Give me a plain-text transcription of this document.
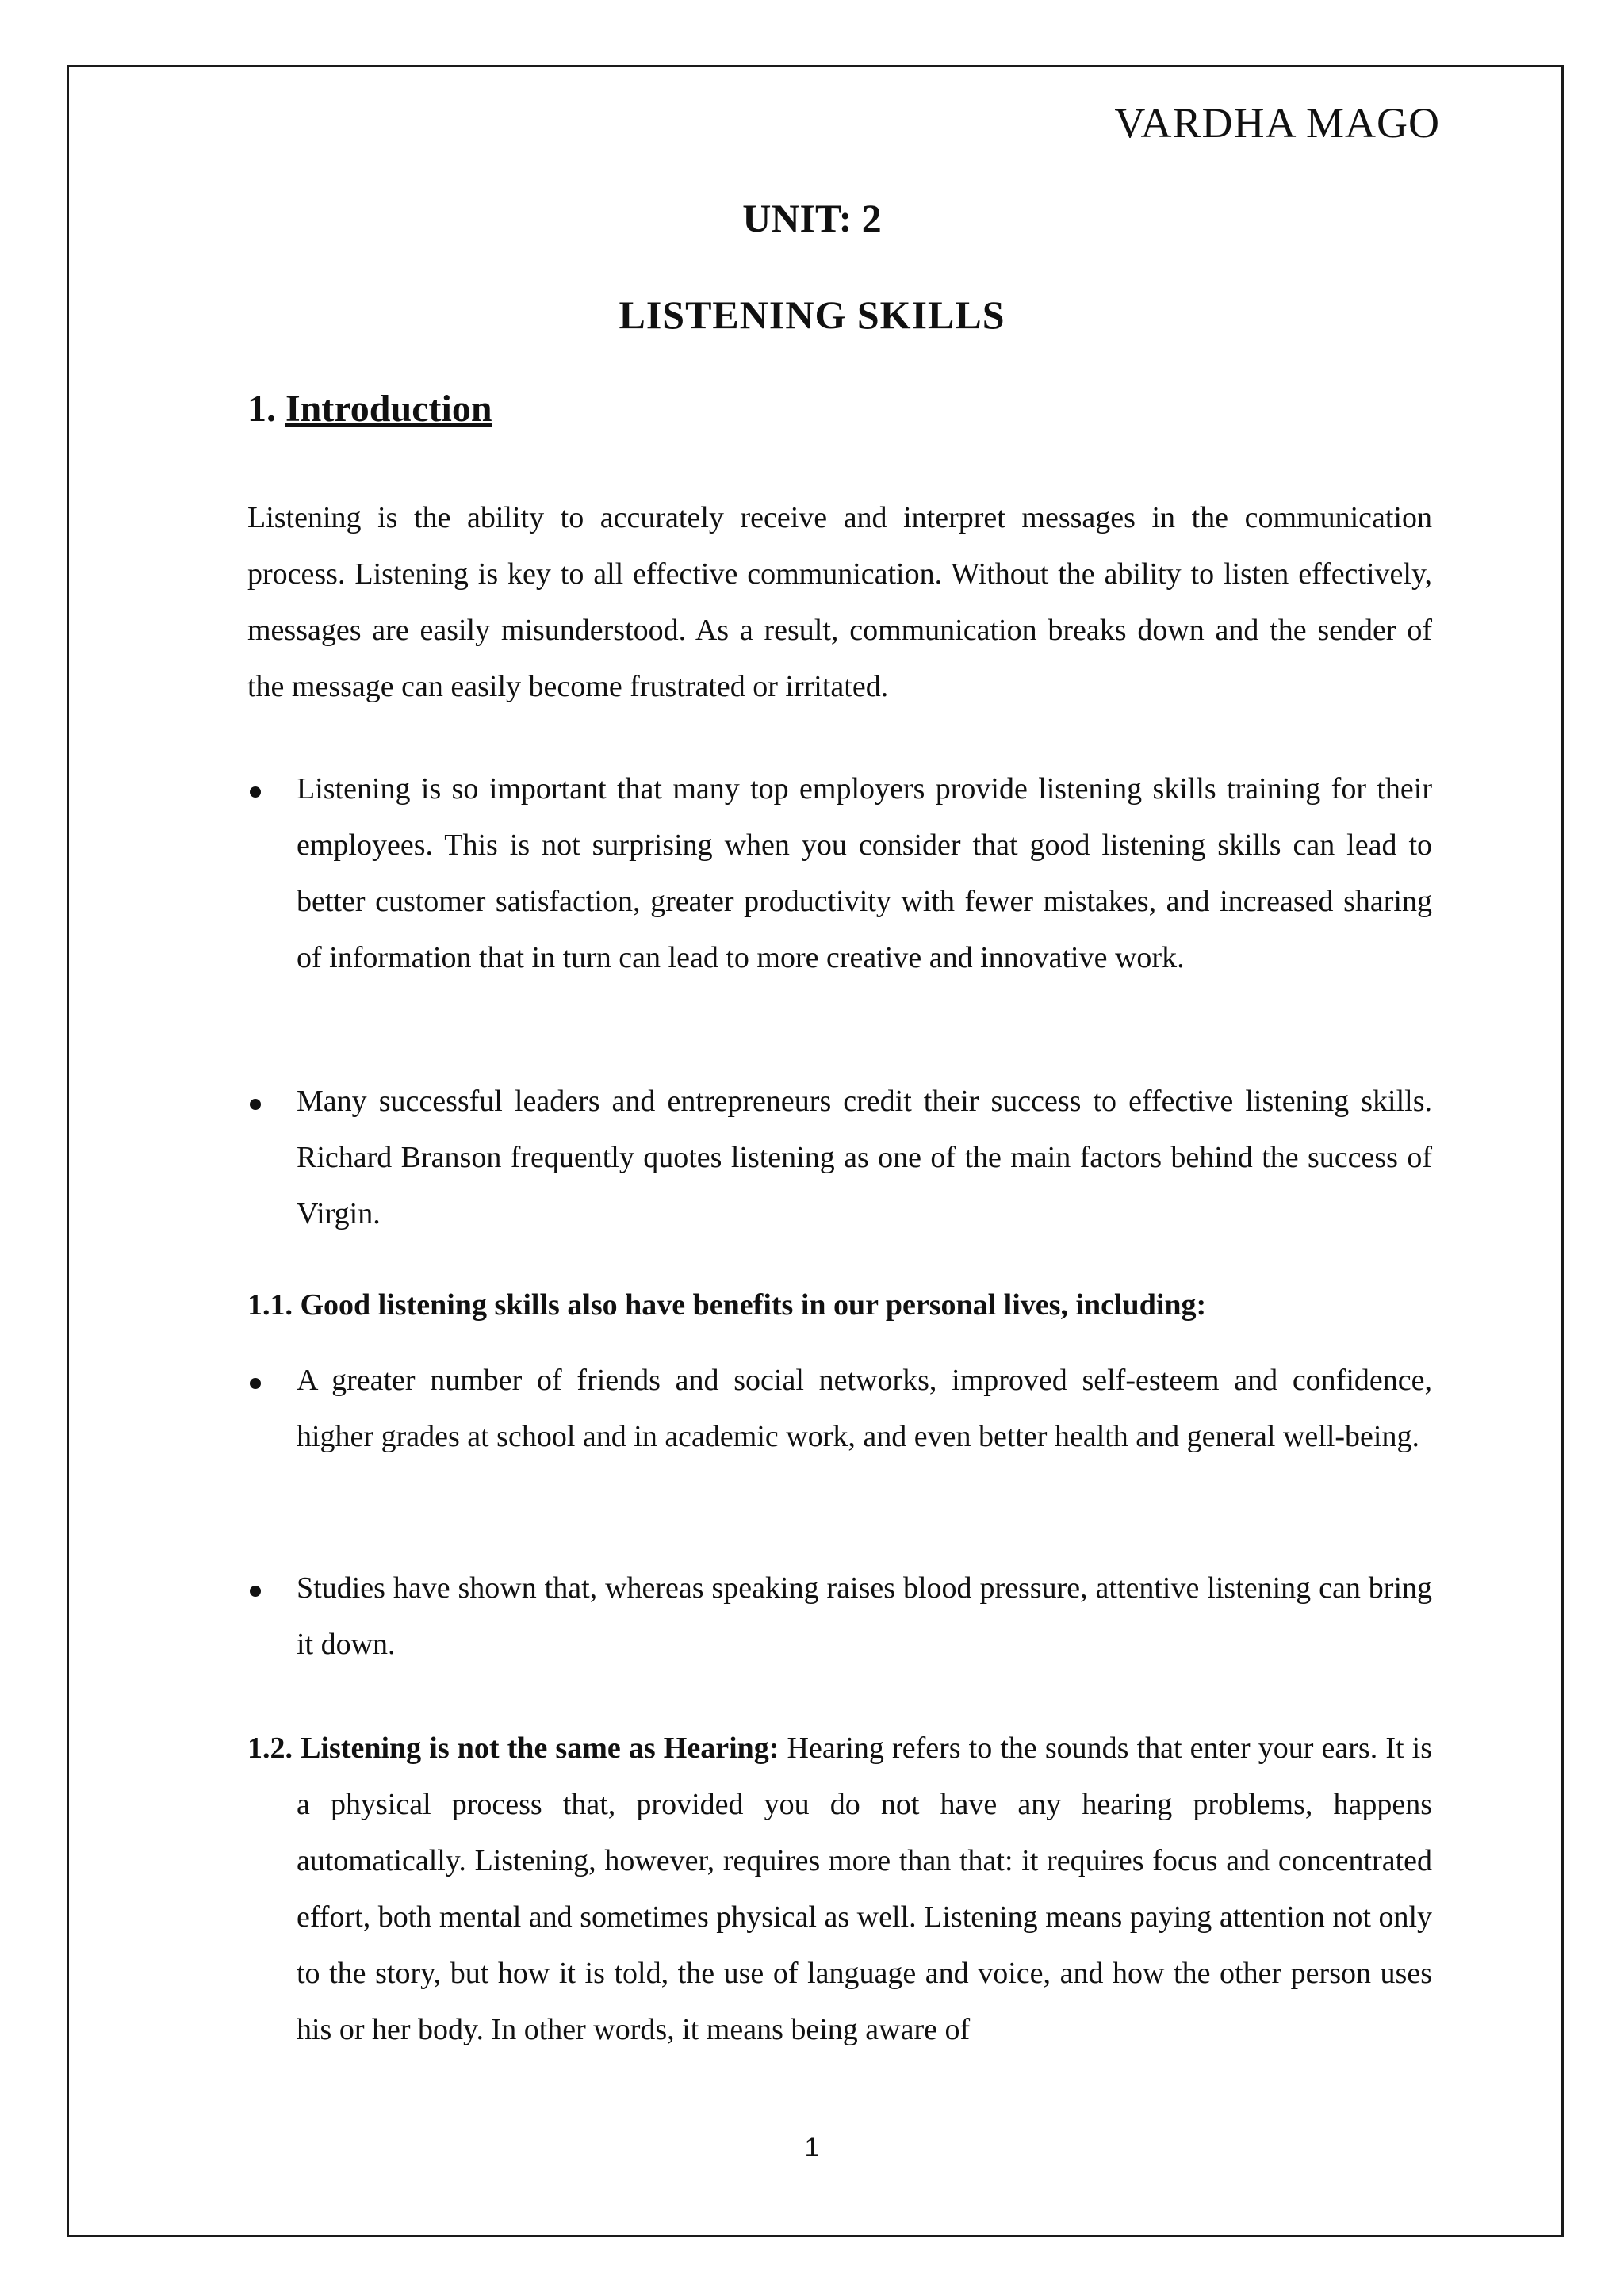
VARDHA MAGO
UNIT: 2
LISTENING SKILLS
1. Introduction
Listening is the ability to accurately receive and interpret messages in the communication process. Listening is key to all effective communication. Without the ability to listen effectively, messages are easily misunderstood. As a result, communication breaks down and the sender of the message can easily become frustrated or irritated.
Listening is so important that many top employers provide listening skills training for their employees. This is not surprising when you consider that good listening skills can lead to better customer satisfaction, greater productivity with fewer mistakes, and increased sharing of information that in turn can lead to more creative and innovative work.
Many successful leaders and entrepreneurs credit their success to effective listening skills. Richard Branson frequently quotes listening as one of the main factors behind the success of Virgin.
1.1. Good listening skills also have benefits in our personal lives, including:
A greater number of friends and social networks, improved self-esteem and confidence, higher grades at school and in academic work, and even better health and general well-being.
Studies have shown that, whereas speaking raises blood pressure, attentive listening can bring it down.
1.2. Listening is not the same as Hearing: Hearing refers to the sounds that enter your ears. It is a physical process that, provided you do not have any hearing problems, happens automatically. Listening, however, requires more than that: it requires focus and concentrated effort, both mental and sometimes physical as well. Listening means paying attention not only to the story, but how it is told, the use of language and voice, and how the other person uses his or her body. In other words, it means being aware of
1
